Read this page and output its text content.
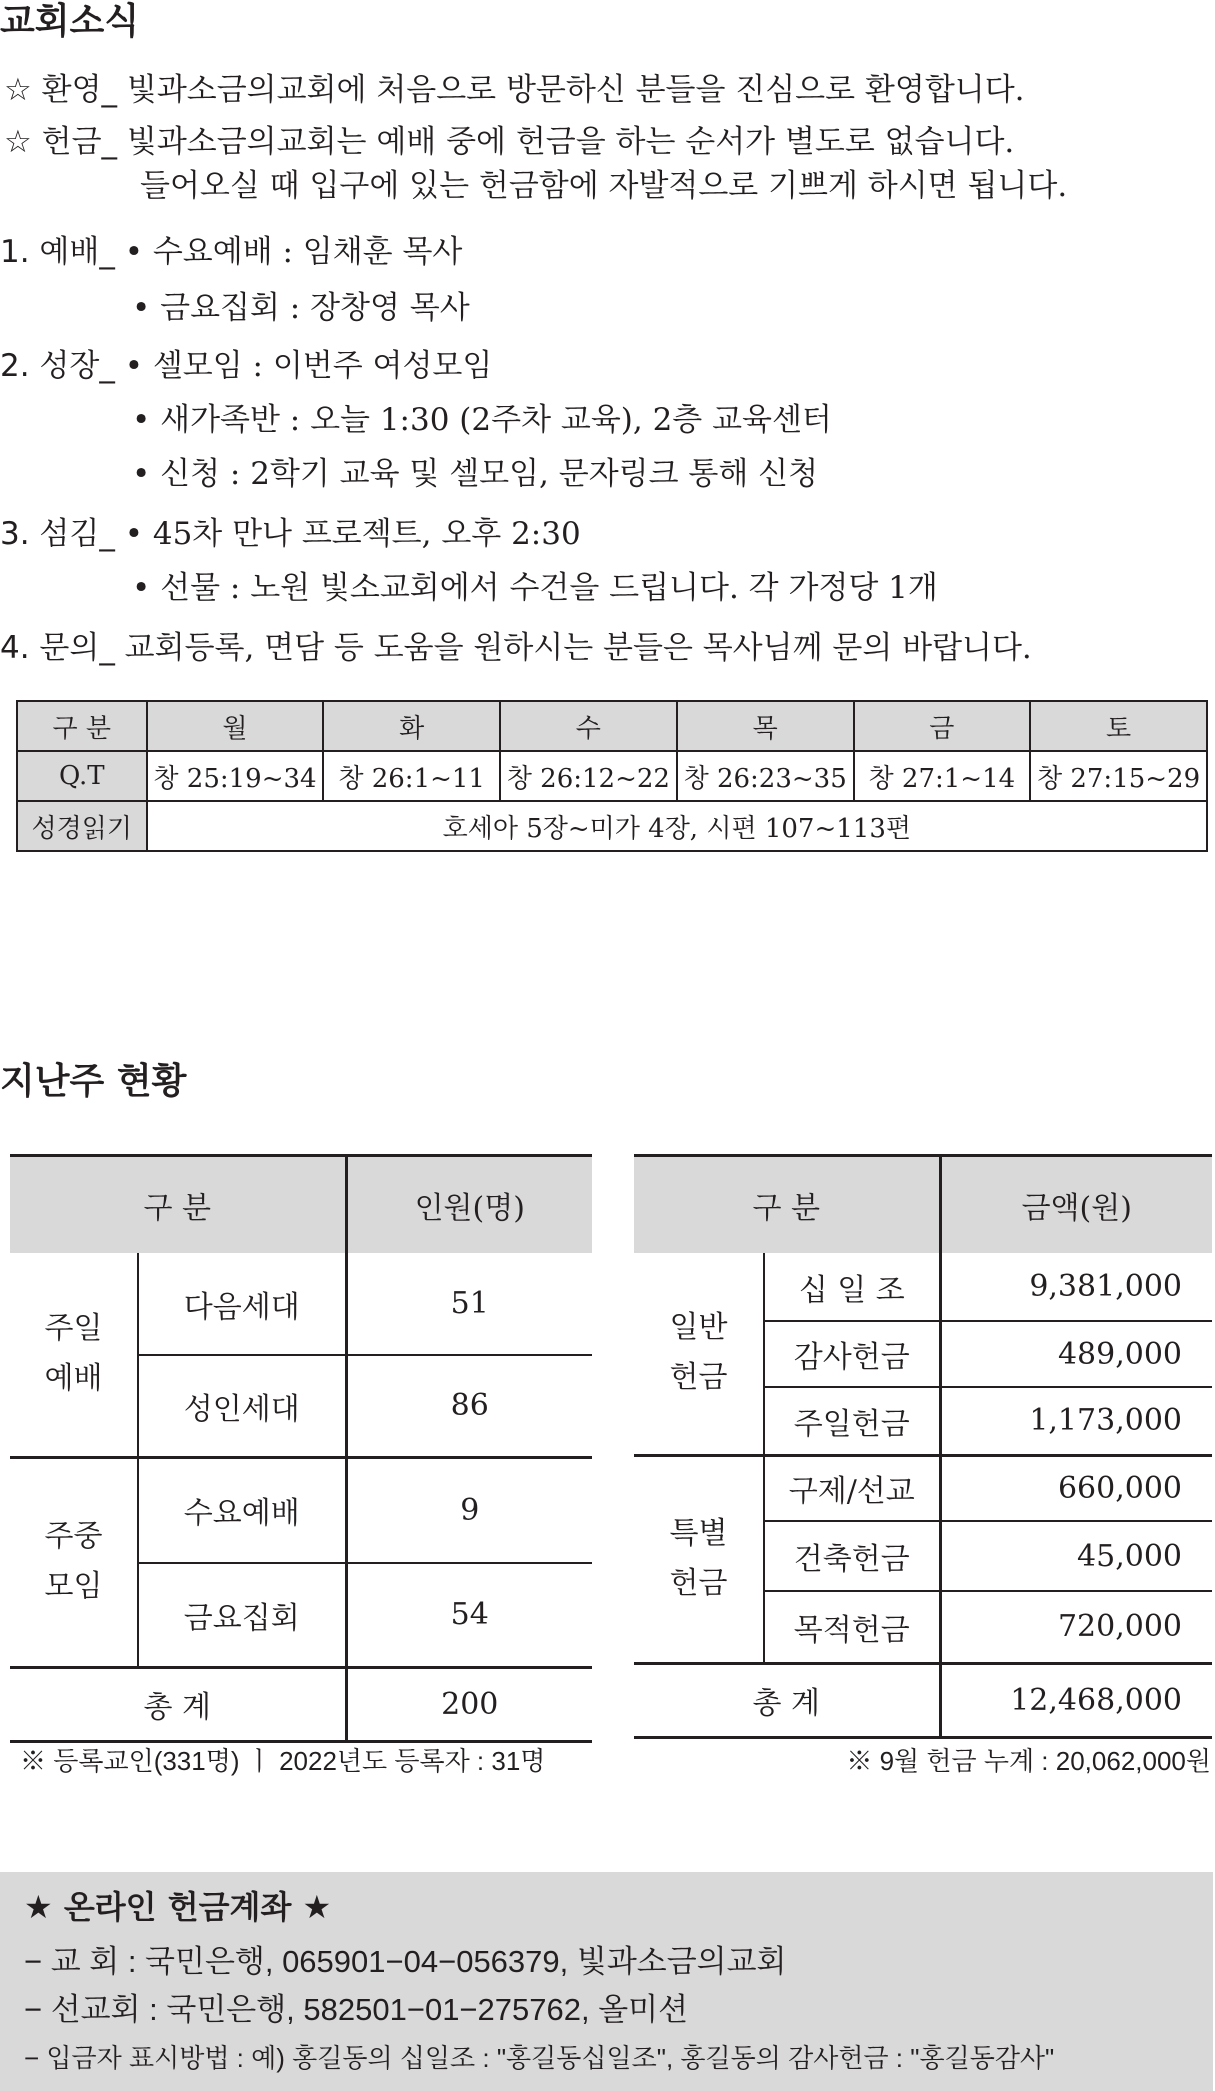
교회소식
☆ 환영_ 빛과소금의교회에 처음으로 방문하신 분들을 진심으로 환영합니다.
☆ 헌금_ 빛과소금의교회는 예배 중에 헌금을 하는 순서가 별도로 없습니다.
들어오실 때 입구에 있는 헌금함에 자발적으로 기쁘게 하시면 됩니다.
1. 예배_ • 수요예배 : 임채훈 목사
• 금요집회 : 장창영 목사
2. 성장_ • 셀모임 : 이번주 여성모임
• 새가족반 : 오늘 1:30 (2주차 교육), 2층 교육센터
• 신청 : 2학기 교육 및 셀모임, 문자링크 통해 신청
3. 섬김_ • 45차 만나 프로젝트, 오후 2:30
• 선물 : 노원 빛소교회에서 수건을 드립니다. 각 가정당 1개
4. 문의_ 교회등록, 면담 등 도움을 원하시는 분들은 목사님께 문의 바랍니다.
구 분	월	화	수	목	금	토
Q.T	창 25:19~34	창 26:1~11	창 26:12~22	창 26:23~35	창 27:1~14	창 27:15~29
성경읽기	호세아 5장~미가 4장, 시편 107~113편					
지난주 현황
구 분		인원(명)
주일
예배	다음세대	51
	성인세대	86
주중
모임	수요예배	9
	금요집회	54
총 계		200
구 분		금액(원)
일반
헌금	십 일 조	9,381,000
	감사헌금	489,000
	주일헌금	1,173,000
특별
헌금	구제/선교	660,000
	건축헌금	45,000
	목적헌금	720,000
총 계		12,468,000
※ 등록교인(331명) ㅣ 2022년도 등록자 : 31명	※ 9월 헌금 누계 : 20,062,000원
★ 온라인 헌금계좌 ★
− 교 회 : 국민은행, 065901−04−056379, 빛과소금의교회
− 선교회 : 국민은행, 582501−01−275762, 올미션
− 입금자 표시방법 : 예) 홍길동의 십일조 : "홍길동십일조", 홍길동의 감사헌금 : "홍길동감사"
